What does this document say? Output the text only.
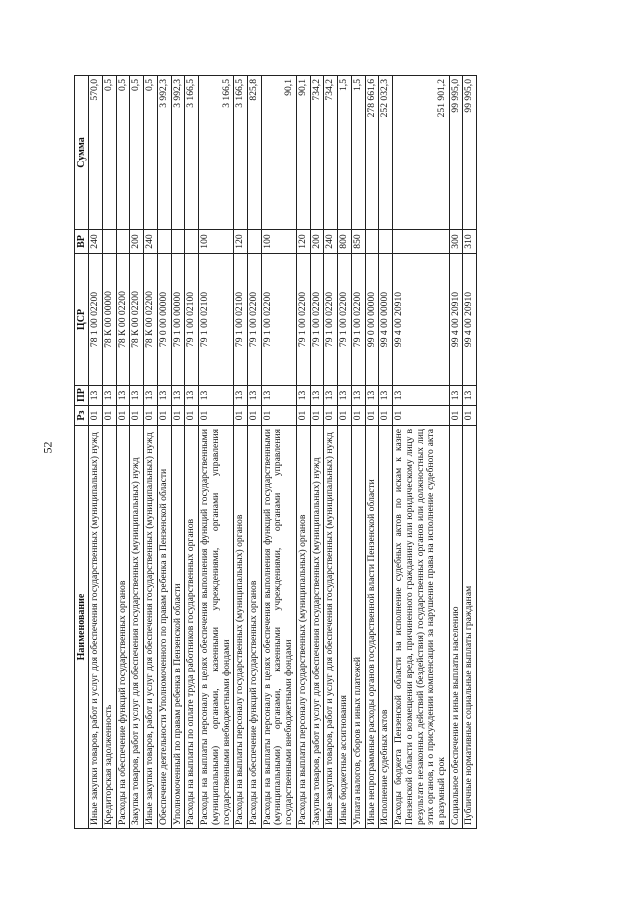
52
Наименование	Рз	ПР	ЦСР	ВР	Сумма
Иные закупки товаров, работ и услуг для обеспечения государственных (муниципальных) нужд	01	13	78 1 00 02200	240	570,0
Кредиторская задолженность	01	13	78 К 00 00000		0,5
Расходы на обеспечение функций государственных органов	01	13	78 К 00 02200		0,5
Закупка товаров, работ и услуг для обеспечения государственных (муниципальных) нужд	01	13	78 К 00 02200	200	0,5
Иные закупки товаров, работ и услуг для обеспечения государственных (муниципальных) нужд	01	13	78 К 00 02200	240	0,5
Обеспечение деятельности Уполномоченного по правам ребенка в Пензенской области	01	13	79 0 00 00000		3 992,3
Уполномоченный по правам ребенка в Пензенской области	01	13	79 1 00 00000		3 992,3
Расходы на выплаты по оплате труда работников государственных органов	01	13	79 1 00 02100		3 166,5
Расходы на выплаты персоналу в целях обеспечения выполнения функций государственными (муниципальными) органами, казенными учреждениями, органами управления государственными внебюджетными фондами	01	13	79 1 00 02100	100	3 166,5
Расходы на выплаты персоналу государственных (муниципальных) органов	01	13	79 1 00 02100	120	3 166,5
Расходы на обеспечение функций государственных органов	01	13	79 1 00 02200		825,8
Расходы на выплаты персоналу в целях обеспечения выполнения функций государственными (муниципальными) органами, казенными учреждениями, органами управления государственными внебюджетными фондами	01	13	79 1 00 02200	100	90,1
Расходы на выплаты персоналу государственных (муниципальных) органов	01	13	79 1 00 02200	120	90,1
Закупка товаров, работ и услуг для обеспечения государственных (муниципальных) нужд	01	13	79 1 00 02200	200	734,2
Иные закупки товаров, работ и услуг для обеспечения государственных (муниципальных) нужд	01	13	79 1 00 02200	240	734,2
Иные бюджетные ассигнования	01	13	79 1 00 02200	800	1,5
Уплата налогов, сборов и иных платежей	01	13	79 1 00 02200	850	1,5
Иные непрограммные расходы органов государственной власти Пензенской области	01	13	99 0 00 00000		278 661,6
Исполнение судебных актов	01	13	99 4 00 00000		252 032,3
Расходы бюджета Пензенской области на исполнение судебных актов по искам к казне Пензенской области о возмещении вреда, причиненного гражданину или юридическому лицу в результате незаконных действий (бездействия) государственных органов или должностных лиц этих органов, и о присуждении компенсации за нарушение права на исполнение судебного акта в разумный срок	01	13	99 4 00 20910		251 901,2
Социальное обеспечение и иные выплаты населению	01	13	99 4 00 20910	300	99 995,0
Публичные нормативные социальные выплаты гражданам	01	13	99 4 00 20910	310	99 995,0
